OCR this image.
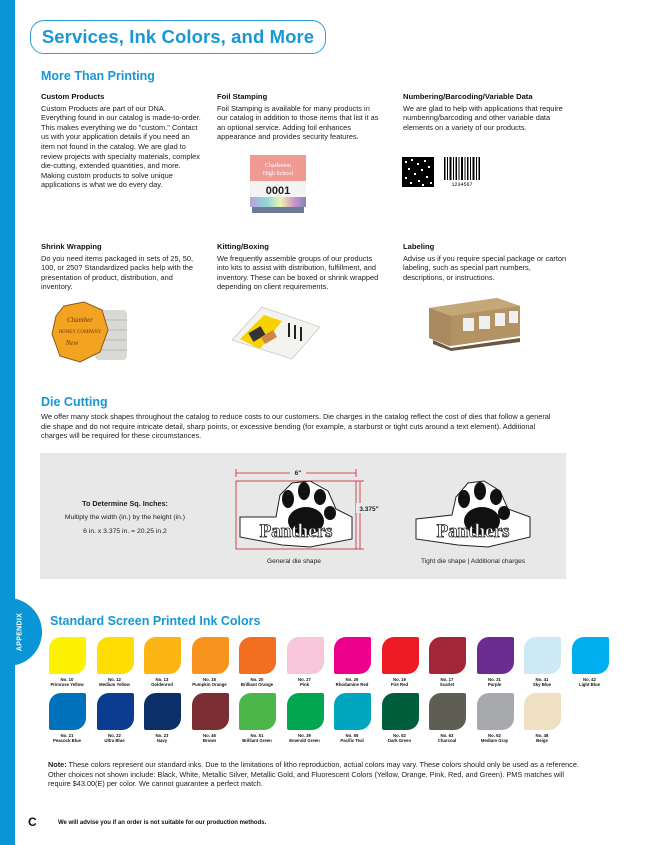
APPENDIX
Services, Ink Colors, and More
More Than Printing
Custom Products

Custom Products are part of our DNA. Everything found in our catalog is made-to-order. This makes everything we do "custom." Contact us with your application details if you need an item not found in the catalog. We are glad to review projects with specialty materials, complex die-cutting, extended quantities, and more. Making custom products to solve unique applications is what we do every day.

Foil Stamping

Foil Stamping is available for many products in our catalog in addition to those items that list it as an optional service. Adding foil enhances appearance and provides security features.

Numbering/Barcoding/Variable Data

We are glad to help with applications that require numbering/barcoding and other variable data elements on a variety of our products.

Charleston
High School
0001	1234567
Shrink Wrapping

Do you need items packaged in sets of 25, 50, 100, or 250? Standardized packs help with the presentation of product, distribution, and inventory.

Kitting/Boxing

We frequently assemble groups of our products into kits to assist with distribution, fulfillment, and inventory. These can be boxed or shrink wrapped depending on client requirements.

Labeling

Advise us if you require special package or carton labeling, such as special part numbers, descriptions, or instructions.

Chamber
HONEY COMPANY
New
Die Cutting
We offer many stock shapes throughout the catalog to reduce costs to our customers. Die charges in the catalog reflect the cost of dies that follow a general die shape and do not require intricate detail, sharp points, or excessive bending (for example, a starburst or tight cuts around a text element). Additional charges will be required for these circumstances.
To Determine Sq. Inches:
Multiply the width (in.) by the height (in.)
6 in. x 3.375 in. = 20.25 in.2
6"
3.375"
Panthers
General die shape
Panthers
Tight die shape | Additional charges
Standard Screen Printed Ink Colors
No. 10
Primrose Yellow
No. 12
Medium Yellow
No. 13
Goldenrod
No. 18
Pumpkin Orange
No. 20
Brilliant Orange
No. 27
Pink
No. 26
Rhodamine Red
No. 19
Fire Red
No. 17
Scarlet
No. 31
Purple
No. 41
Sky Blue
No. 42
Light Blue
No. 21
Peacock Blue
No. 22
Ultra Blue
No. 23
Navy
No. 46
Brown
No. 51
Brilliant Green
No. 39
Emerald Green
No. 55
Pacific Teal
No. 52
Dark Green
No. 63
Charcoal
No. 62
Medium Gray
No. 48
Beige
Note: These colors represent our standard inks. Due to the limitations of litho reproduction, actual colors may vary. These colors should only be used as a reference. Other choices not shown include: Black, White, Metallic Silver, Metallic Gold, and Fluorescent Colors (Yellow, Orange, Pink, Red, and Green). PMS matches will require $43.00(E) per color. We cannot guarantee a perfect match.
C	We will advise you if an order is not suitable for our production methods.
